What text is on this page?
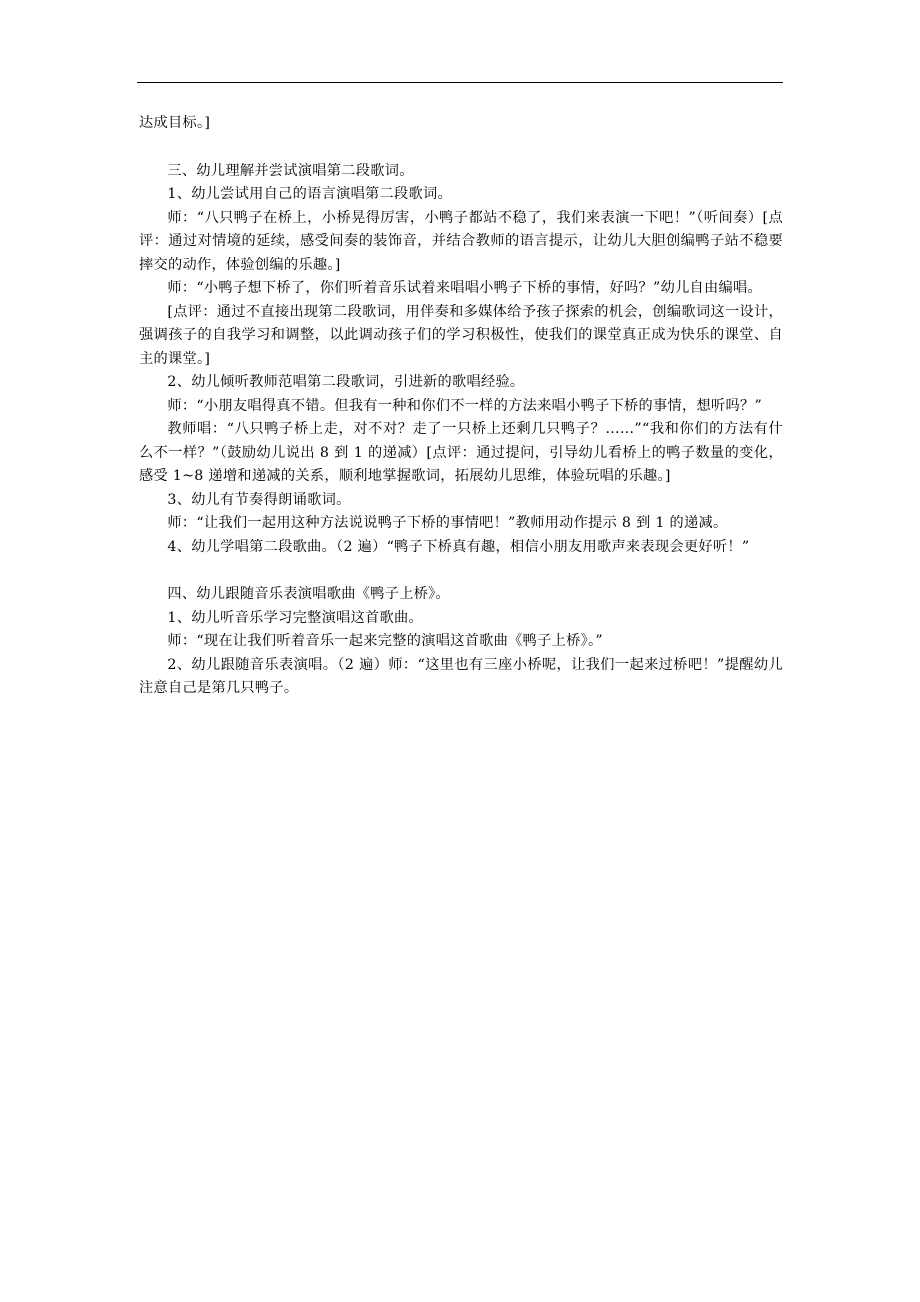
达成目标。]

三、幼儿理解并尝试演唱第二段歌词。

1、幼儿尝试用自己的语言演唱第二段歌词。

师：“八只鸭子在桥上，小桥晃得厉害，小鸭子都站不稳了，我们来表演一下吧！”（听间奏）[点评：通过对情境的延续，感受间奏的装饰音，并结合教师的语言提示，让幼儿大胆创编鸭子站不稳要摔交的动作，体验创编的乐趣。]

师：“小鸭子想下桥了，你们听着音乐试着来唱唱小鸭子下桥的事情，好吗？”幼儿自由编唱。

[点评：通过不直接出现第二段歌词，用伴奏和多媒体给予孩子探索的机会，创编歌词这一设计，强调孩子的自我学习和调整，以此调动孩子们的学习积极性，使我们的课堂真正成为快乐的课堂、自主的课堂。]

2、幼儿倾听教师范唱第二段歌词，引进新的歌唱经验。

师：“小朋友唱得真不错。但我有一种和你们不一样的方法来唱小鸭子下桥的事情，想听吗？”

教师唱：“八只鸭子桥上走，对不对？走了一只桥上还剩几只鸭子？……”“我和你们的方法有什么不一样？”（鼓励幼儿说出 8 到 1 的递减）[点评：通过提问，引导幼儿看桥上的鸭子数量的变化，感受 1~8 递增和递减的关系，顺利地掌握歌词，拓展幼儿思维，体验玩唱的乐趣。]

3、幼儿有节奏得朗诵歌词。

师：“让我们一起用这种方法说说鸭子下桥的事情吧！”教师用动作提示 8 到 1 的递减。

4、幼儿学唱第二段歌曲。（2 遍）“鸭子下桥真有趣，相信小朋友用歌声来表现会更好听！”

四、幼儿跟随音乐表演唱歌曲《鸭子上桥》。

1、幼儿听音乐学习完整演唱这首歌曲。

师：“现在让我们听着音乐一起来完整的演唱这首歌曲《鸭子上桥》。”

2、幼儿跟随音乐表演唱。（2 遍）师：“这里也有三座小桥呢，让我们一起来过桥吧！”提醒幼儿注意自己是第几只鸭子。
